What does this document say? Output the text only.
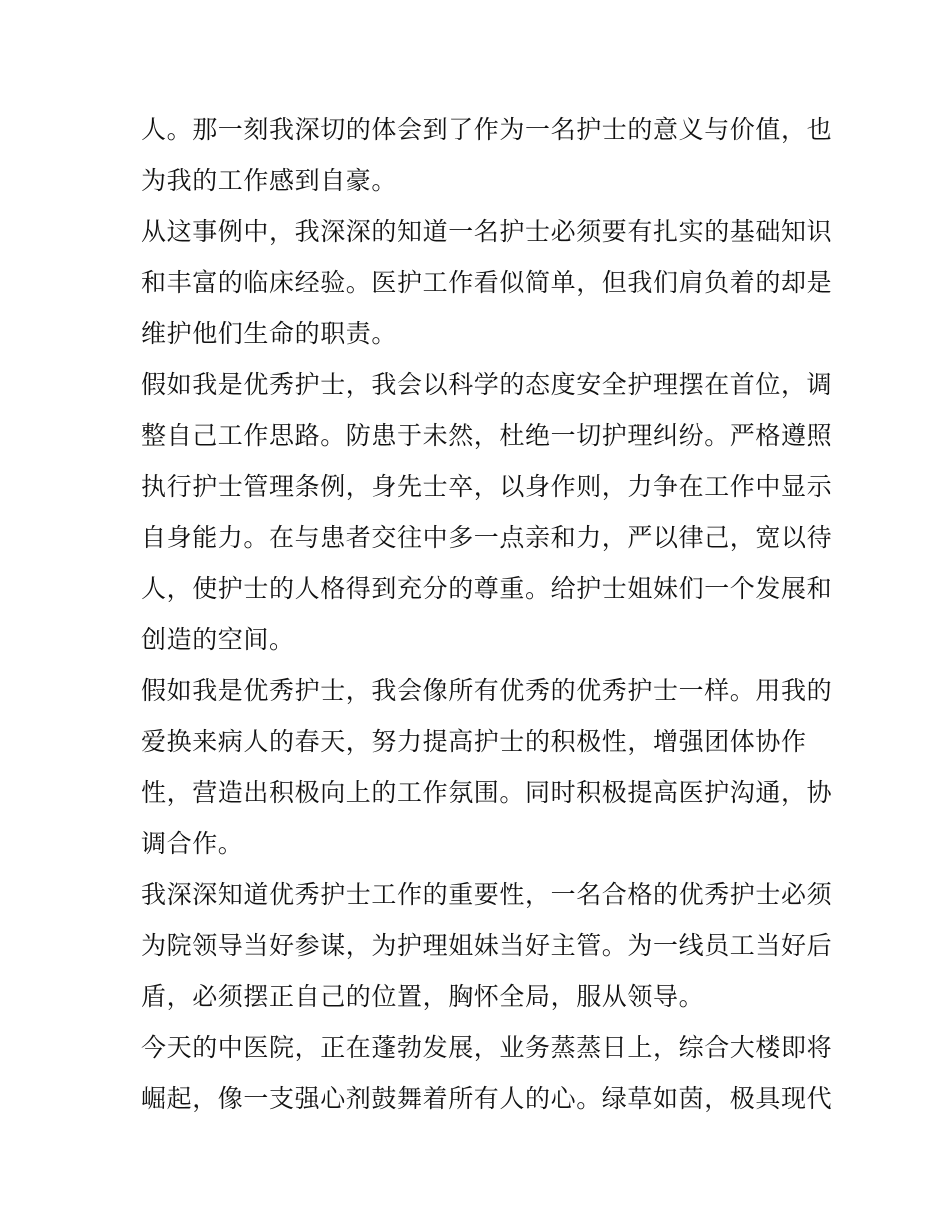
人。那一刻我深切的体会到了作为一名护士的意义与价值，也
为我的工作感到自豪。
从这事例中，我深深的知道一名护士必须要有扎实的基础知识
和丰富的临床经验。医护工作看似简单，但我们肩负着的却是
维护他们生命的职责。
假如我是优秀护士，我会以科学的态度安全护理摆在首位，调
整自己工作思路。防患于未然，杜绝一切护理纠纷。严格遵照
执行护士管理条例，身先士卒，以身作则，力争在工作中显示
自身能力。在与患者交往中多一点亲和力，严以律己，宽以待
人，使护士的人格得到充分的尊重。给护士姐妹们一个发展和
创造的空间。
假如我是优秀护士，我会像所有优秀的优秀护士一样。用我的
爱换来病人的春天，努力提高护士的积极性，增强团体协作
性，营造出积极向上的工作氛围。同时积极提高医护沟通，协
调合作。
我深深知道优秀护士工作的重要性，一名合格的优秀护士必须
为院领导当好参谋，为护理姐妹当好主管。为一线员工当好后
盾，必须摆正自己的位置，胸怀全局，服从领导。
今天的中医院，正在蓬勃发展，业务蒸蒸日上，综合大楼即将
崛起，像一支强心剂鼓舞着所有人的心。绿草如茵，极具现代
